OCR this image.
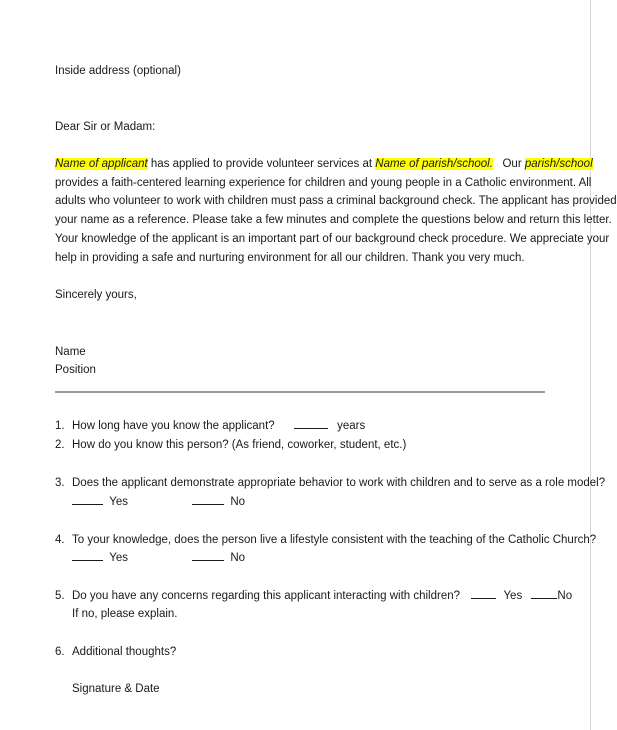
Inside address (optional)
Dear Sir or Madam:
Name of applicant has applied to provide volunteer services at Name of parish/school.   Our parish/school
provides a faith-centered learning experience for children and young people in a Catholic environment. All
adults who volunteer to work with children must pass a criminal background check. The applicant has provided
your name as a reference. Please take a few minutes and complete the questions below and return this letter.
Your knowledge of the applicant is an important part of our background check procedure. We appreciate your
help in providing a safe and nurturing environment for all our children. Thank you very much.
Sincerely yours,
Name
Position
1. How long have you know the applicant?	years
2. How do you know this person? (As friend, coworker, student, etc.)
3. Does the applicant demonstrate appropriate behavior to work with children and to serve as a role model?
Yes	No
4. To your knowledge, does the person live a lifestyle consistent with the teaching of the Catholic Church?
Yes	No
5. Do you have any concerns regarding this applicant interacting with children?	Yes	No
If no, please explain.
6. Additional thoughts?
Signature & Date
